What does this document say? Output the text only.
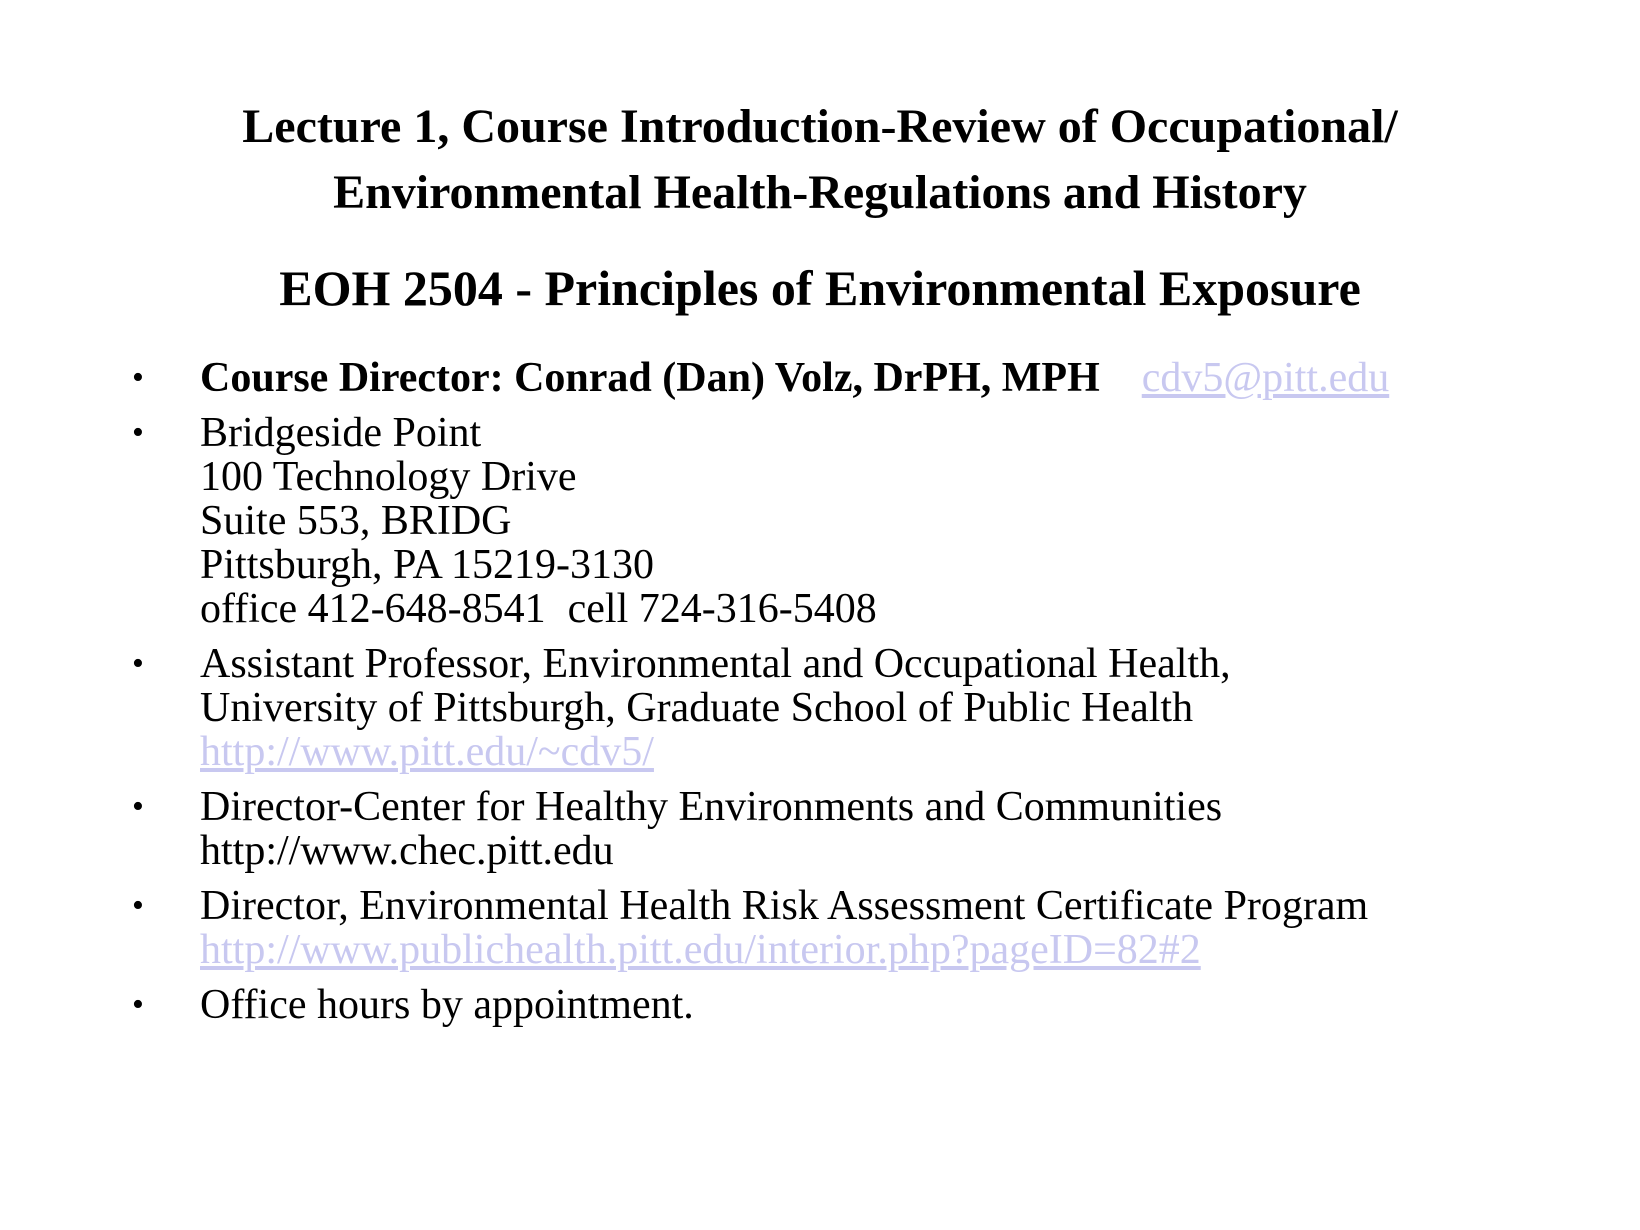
Lecture 1, Course Introduction-Review of Occupational/
Environmental Health-Regulations and History
EOH 2504 - Principles of Environmental Exposure
•	Course Director: Conrad (Dan) Volz, DrPH, MPH cdv5@pitt.edu
•	Bridgeside Point
100 Technology Drive
Suite 553, BRIDG
Pittsburgh, PA 15219-3130
office 412-648-8541 cell 724-316-5408
•	Assistant Professor, Environmental and Occupational Health,
University of Pittsburgh, Graduate School of Public Health
http://www.pitt.edu/~cdv5/
•	Director-Center for Healthy Environments and Communities
http://www.chec.pitt.edu
•	Director, Environmental Health Risk Assessment Certificate Program
http://www.publichealth.pitt.edu/interior.php?pageID=82#2
•	Office hours by appointment.
